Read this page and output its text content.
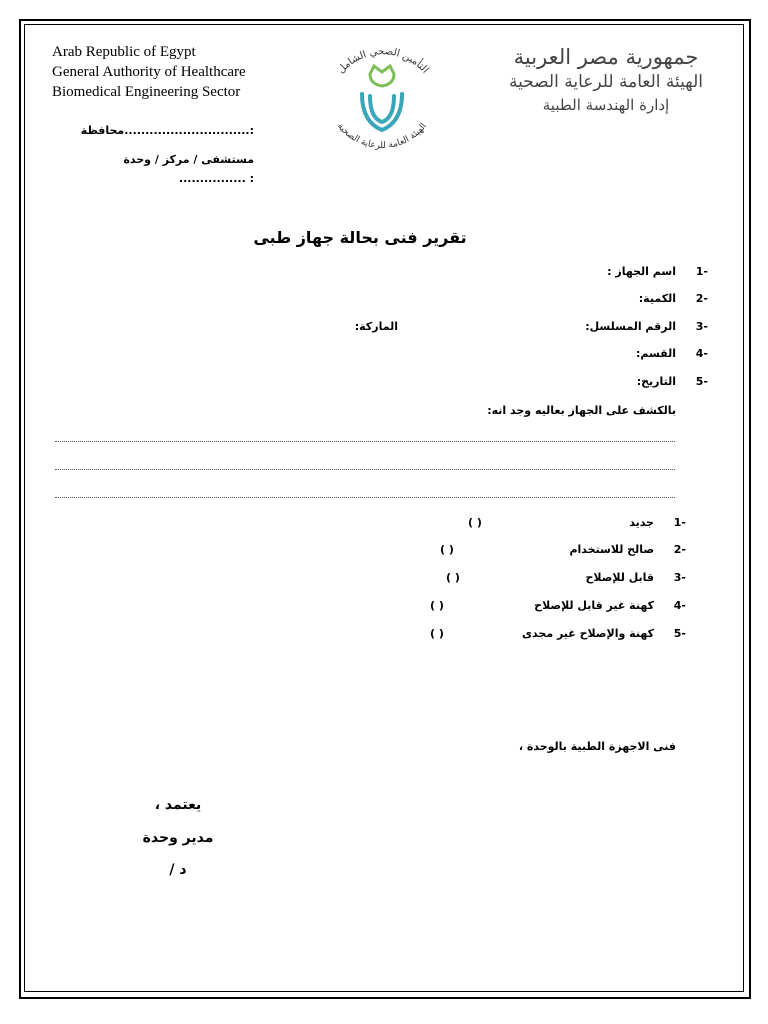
Arab Republic of Egypt
General Authority of Healthcare
Biomedical Engineering Sector
:..............................محافظة
مستشفى / مركز / وحدة
: ................
التأمين الصحي الشامل
الهيئة العامة للرعاية الصحية
جمهورية مصر العربية
الهيئة العامة للرعاية الصحية
إدارة الهندسة الطبية
تقرير فنى بحالة جهاز طبى
-1
اسم الجهاز :
-2
الكمية:
-3
الرقم المسلسل:
الماركة:
-4
القسم:
-5
التاريخ:
بالكشف على الجهاز بعاليه وجد انه:
-1
جديد
( )
-2
صالح للاستخدام
( )
-3
قابل للإصلاح
( )
-4
كهنة غير قابل للإصلاح
( )
-5
كهنة والإصلاح غير مجدى
( )
فنى الاجهزة الطبية بالوحدة ،
يعتمد ،
مدير وحدة
د /
